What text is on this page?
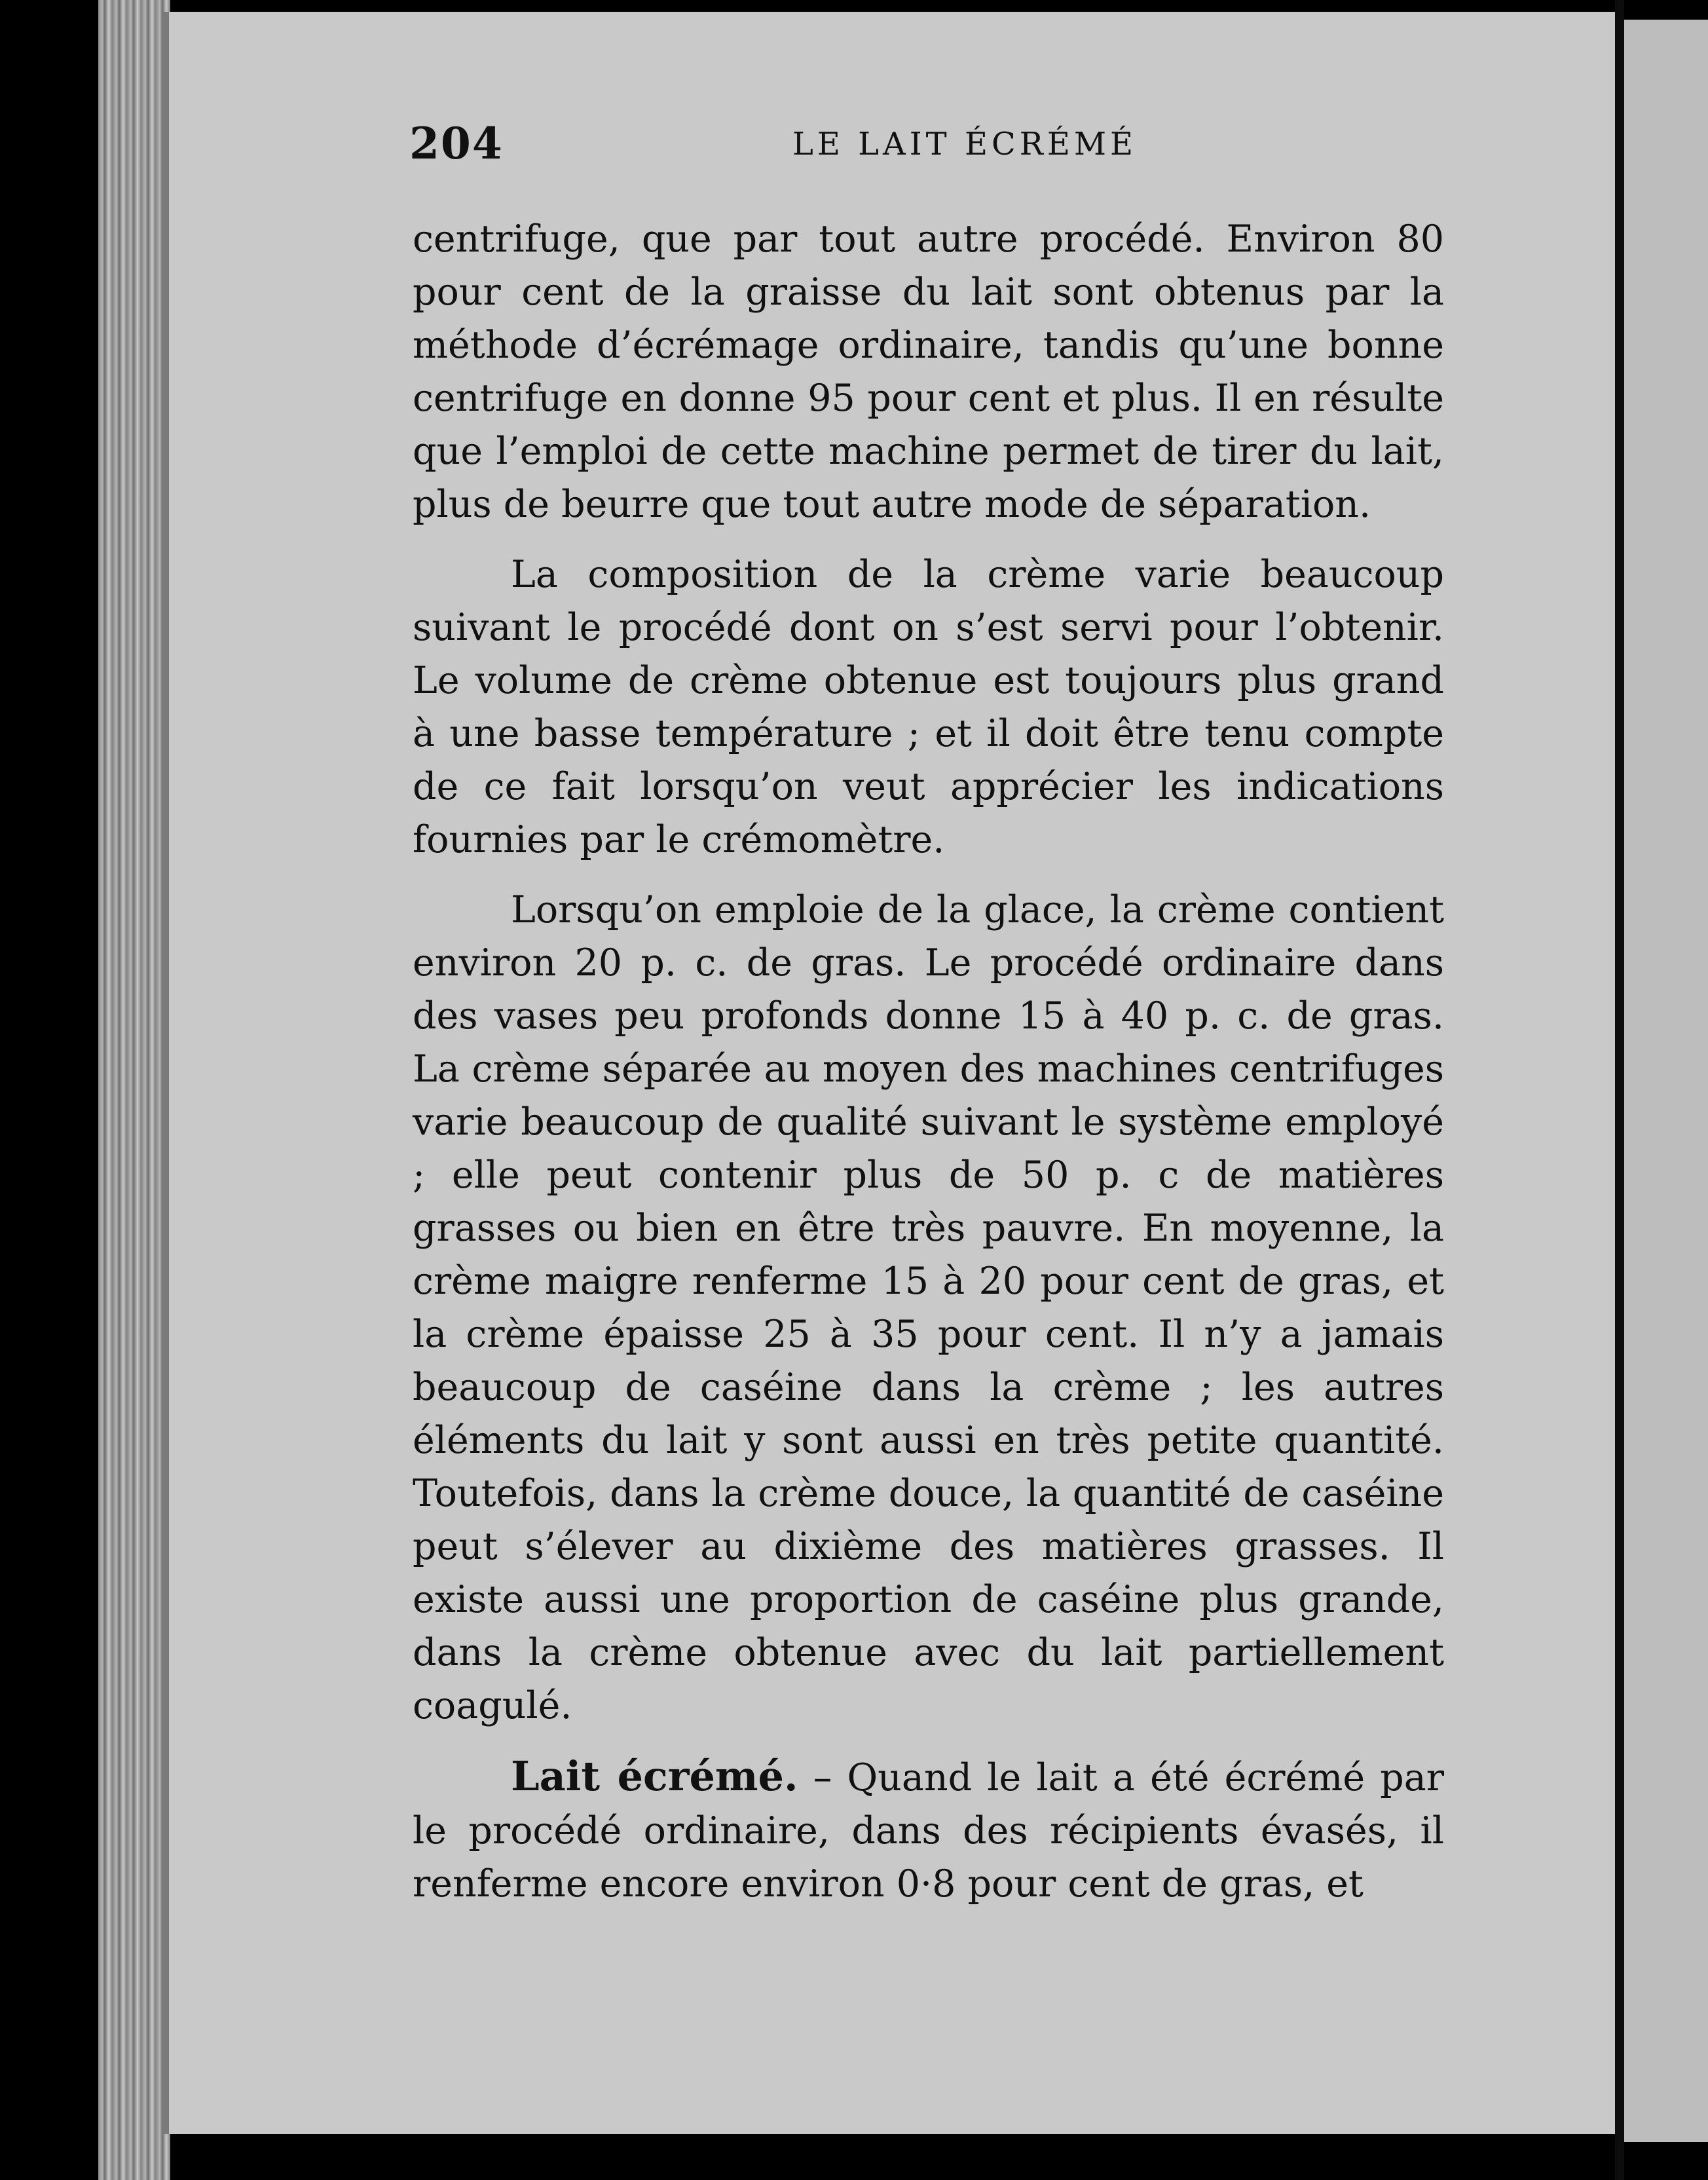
204	LE LAIT ÉCRÉMÉ

centrifuge, que par tout autre procédé. Environ 80 pour cent de la graisse du lait sont obtenus par la méthode d’écrémage ordinaire, tandis qu’une bonne centrifuge en donne 95 pour cent et plus. Il en résulte que l’emploi de cette machine permet de tirer du lait, plus de beurre que tout autre mode de séparation.

La composition de la crème varie beaucoup suivant le procédé dont on s’est servi pour l’obtenir. Le volume de crème obtenue est toujours plus grand à une basse température ; et il doit être tenu compte de ce fait lorsqu’on veut apprécier les indications fournies par le crémomètre.

Lorsqu’on emploie de la glace, la crème contient environ 20 p. c. de gras. Le procédé ordinaire dans des vases peu profonds donne 15 à 40 p. c. de gras. La crème séparée au moyen des machines centrifuges varie beaucoup de qualité suivant le système employé ; elle peut contenir plus de 50 p. c de matières grasses ou bien en être très pauvre. En moyenne, la crème maigre renferme 15 à 20 pour cent de gras, et la crème épaisse 25 à 35 pour cent. Il n’y a jamais beaucoup de caséine dans la crème ; les autres éléments du lait y sont aussi en très petite quantité. Toutefois, dans la crème douce, la quantité de caséine peut s’élever au dixième des matières grasses. Il existe aussi une proportion de caséine plus grande, dans la crème obtenue avec du lait partiellement coagulé.

Lait écrémé. – Quand le lait a été écrémé par le procédé ordinaire, dans des récipients évasés, il renferme encore environ 0·8 pour cent de gras, et
